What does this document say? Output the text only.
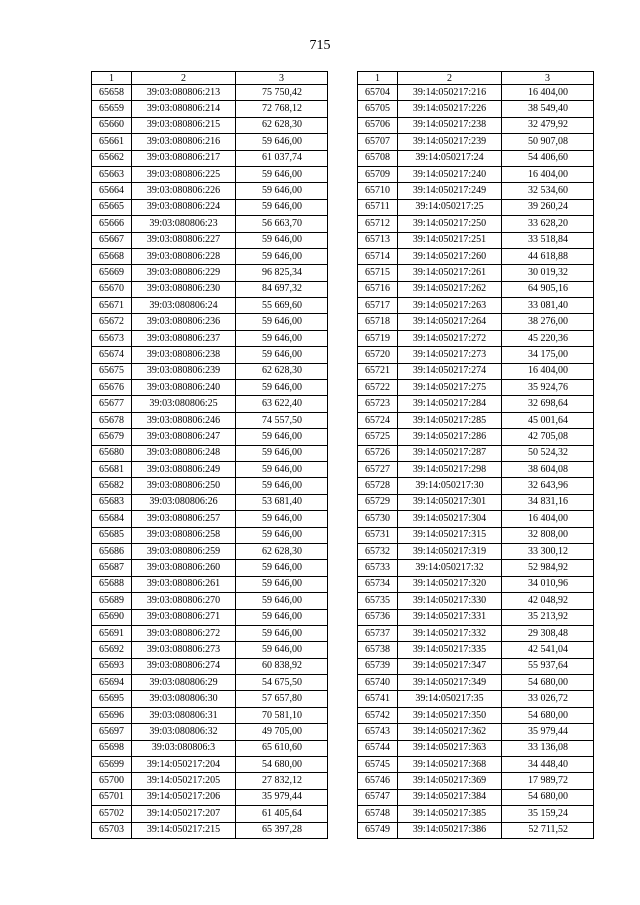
715
1	2	3
65658	39:03:080806:213	75 750,42
65659	39:03:080806:214	72 768,12
65660	39:03:080806:215	62 628,30
65661	39:03:080806:216	59 646,00
65662	39:03:080806:217	61 037,74
65663	39:03:080806:225	59 646,00
65664	39:03:080806:226	59 646,00
65665	39:03:080806:224	59 646,00
65666	39:03:080806:23	56 663,70
65667	39:03:080806:227	59 646,00
65668	39:03:080806:228	59 646,00
65669	39:03:080806:229	96 825,34
65670	39:03:080806:230	84 697,32
65671	39:03:080806:24	55 669,60
65672	39:03:080806:236	59 646,00
65673	39:03:080806:237	59 646,00
65674	39:03:080806:238	59 646,00
65675	39:03:080806:239	62 628,30
65676	39:03:080806:240	59 646,00
65677	39:03:080806:25	63 622,40
65678	39:03:080806:246	74 557,50
65679	39:03:080806:247	59 646,00
65680	39:03:080806:248	59 646,00
65681	39:03:080806:249	59 646,00
65682	39:03:080806:250	59 646,00
65683	39:03:080806:26	53 681,40
65684	39:03:080806:257	59 646,00
65685	39:03:080806:258	59 646,00
65686	39:03:080806:259	62 628,30
65687	39:03:080806:260	59 646,00
65688	39:03:080806:261	59 646,00
65689	39:03:080806:270	59 646,00
65690	39:03:080806:271	59 646,00
65691	39:03:080806:272	59 646,00
65692	39:03:080806:273	59 646,00
65693	39:03:080806:274	60 838,92
65694	39:03:080806:29	54 675,50
65695	39:03:080806:30	57 657,80
65696	39:03:080806:31	70 581,10
65697	39:03:080806:32	49 705,00
65698	39:03:080806:3	65 610,60
65699	39:14:050217:204	54 680,00
65700	39:14:050217:205	27 832,12
65701	39:14:050217:206	35 979,44
65702	39:14:050217:207	61 405,64
65703	39:14:050217:215	65 397,28
1	2	3
65704	39:14:050217:216	16 404,00
65705	39:14:050217:226	38 549,40
65706	39:14:050217:238	32 479,92
65707	39:14:050217:239	50 907,08
65708	39:14:050217:24	54 406,60
65709	39:14:050217:240	16 404,00
65710	39:14:050217:249	32 534,60
65711	39:14:050217:25	39 260,24
65712	39:14:050217:250	33 628,20
65713	39:14:050217:251	33 518,84
65714	39:14:050217:260	44 618,88
65715	39:14:050217:261	30 019,32
65716	39:14:050217:262	64 905,16
65717	39:14:050217:263	33 081,40
65718	39:14:050217:264	38 276,00
65719	39:14:050217:272	45 220,36
65720	39:14:050217:273	34 175,00
65721	39:14:050217:274	16 404,00
65722	39:14:050217:275	35 924,76
65723	39:14:050217:284	32 698,64
65724	39:14:050217:285	45 001,64
65725	39:14:050217:286	42 705,08
65726	39:14:050217:287	50 524,32
65727	39:14:050217:298	38 604,08
65728	39:14:050217:30	32 643,96
65729	39:14:050217:301	34 831,16
65730	39:14:050217:304	16 404,00
65731	39:14:050217:315	32 808,00
65732	39:14:050217:319	33 300,12
65733	39:14:050217:32	52 984,92
65734	39:14:050217:320	34 010,96
65735	39:14:050217:330	42 048,92
65736	39:14:050217:331	35 213,92
65737	39:14:050217:332	29 308,48
65738	39:14:050217:335	42 541,04
65739	39:14:050217:347	55 937,64
65740	39:14:050217:349	54 680,00
65741	39:14:050217:35	33 026,72
65742	39:14:050217:350	54 680,00
65743	39:14:050217:362	35 979,44
65744	39:14:050217:363	33 136,08
65745	39:14:050217:368	34 448,40
65746	39:14:050217:369	17 989,72
65747	39:14:050217:384	54 680,00
65748	39:14:050217:385	35 159,24
65749	39:14:050217:386	52 711,52
